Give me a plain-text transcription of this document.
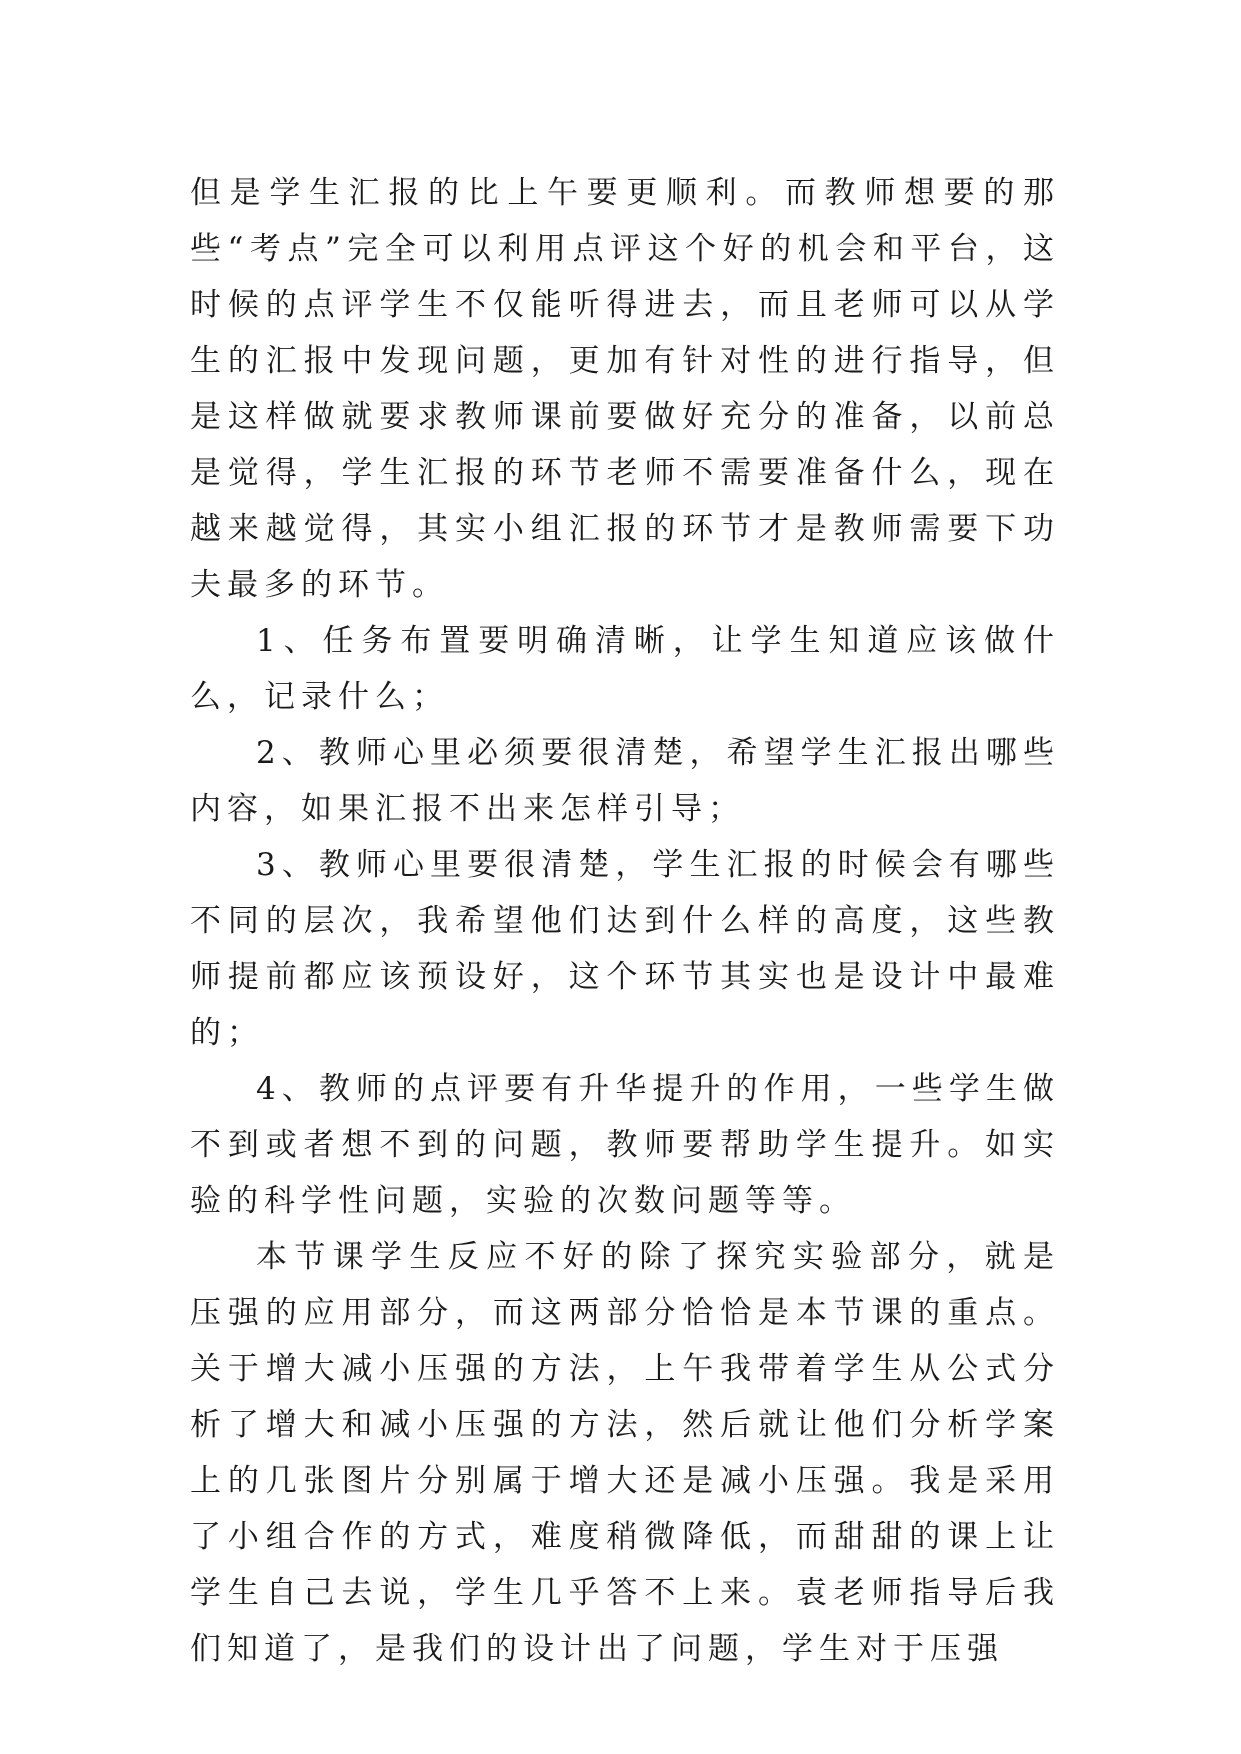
但是学生汇报的比上午要更顺利。而教师想要的那些“考点”完全可以利用点评这个好的机会和平台，这时候的点评学生不仅能听得进去，而且老师可以从学生的汇报中发现问题，更加有针对性的进行指导，但是这样做就要求教师课前要做好充分的准备，以前总是觉得，学生汇报的环节老师不需要准备什么，现在越来越觉得，其实小组汇报的环节才是教师需要下功夫最多的环节。

1、任务布置要明确清晰，让学生知道应该做什么，记录什么；

2、教师心里必须要很清楚，希望学生汇报出哪些内容，如果汇报不出来怎样引导；

3、教师心里要很清楚，学生汇报的时候会有哪些不同的层次，我希望他们达到什么样的高度，这些教师提前都应该预设好，这个环节其实也是设计中最难的；

4、教师的点评要有升华提升的作用，一些学生做不到或者想不到的问题，教师要帮助学生提升。如实验的科学性问题，实验的次数问题等等。

本节课学生反应不好的除了探究实验部分，就是压强的应用部分，而这两部分恰恰是本节课的重点。关于增大减小压强的方法，上午我带着学生从公式分析了增大和减小压强的方法，然后就让他们分析学案上的几张图片分别属于增大还是减小压强。我是采用了小组合作的方式，难度稍微降低，而甜甜的课上让学生自己去说，学生几乎答不上来。袁老师指导后我们知道了，是我们的设计出了问题，学生对于压强
